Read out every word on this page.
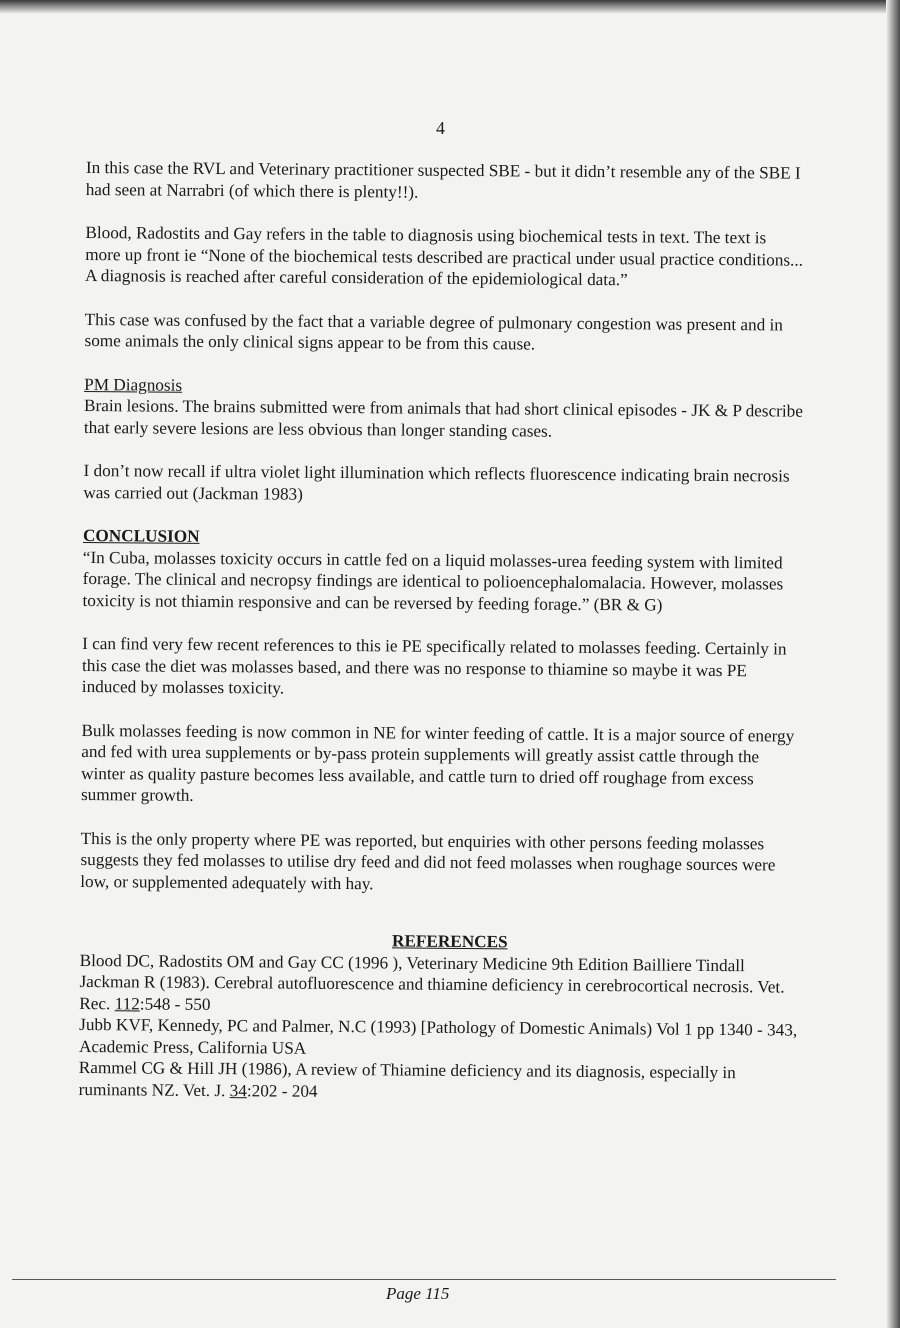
4

In this case the RVL and Veterinary practitioner suspected SBE - but it didn’t resemble any of the SBE I had seen at Narrabri (of which there is plenty!!).

Blood, Radostits and Gay refers in the table to diagnosis using biochemical tests in text. The text is more up front ie “None of the biochemical tests described are practical under usual practice conditions... A diagnosis is reached after careful consideration of the epidemiological data.”

This case was confused by the fact that a variable degree of pulmonary congestion was present and in some animals the only clinical signs appear to be from this cause.

PM Diagnosis
Brain lesions. The brains submitted were from animals that had short clinical episodes - JK & P describe that early severe lesions are less obvious than longer standing cases.

I don’t now recall if ultra violet light illumination which reflects fluorescence indicating brain necrosis was carried out (Jackman 1983)

CONCLUSION
“In Cuba, molasses toxicity occurs in cattle fed on a liquid molasses-urea feeding system with limited forage. The clinical and necropsy findings are identical to polioencephalomalacia. However, molasses toxicity is not thiamin responsive and can be reversed by feeding forage.” (BR & G)

I can find very few recent references to this ie PE specifically related to molasses feeding. Certainly in this case the diet was molasses based, and there was no response to thiamine so maybe it was PE induced by molasses toxicity.

Bulk molasses feeding is now common in NE for winter feeding of cattle. It is a major source of energy and fed with urea supplements or by-pass protein supplements will greatly assist cattle through the winter as quality pasture becomes less available, and cattle turn to dried off roughage from excess summer growth.

This is the only property where PE was reported, but enquiries with other persons feeding molasses suggests they fed molasses to utilise dry feed and did not feed molasses when roughage sources were low, or supplemented adequately with hay.

REFERENCES

Blood DC, Radostits OM and Gay CC (1996 ), Veterinary Medicine 9th Edition Bailliere Tindall

Jackman R (1983). Cerebral autofluorescence and thiamine deficiency in cerebrocortical necrosis. Vet. Rec. 112:548 - 550

Jubb KVF, Kennedy, PC and Palmer, N.C (1993) [Pathology of Domestic Animals) Vol 1 pp 1340 - 343, Academic Press, California USA

Rammel CG & Hill JH (1986), A review of Thiamine deficiency and its diagnosis, especially in ruminants NZ. Vet. J. 34:202 - 204

Page 115
